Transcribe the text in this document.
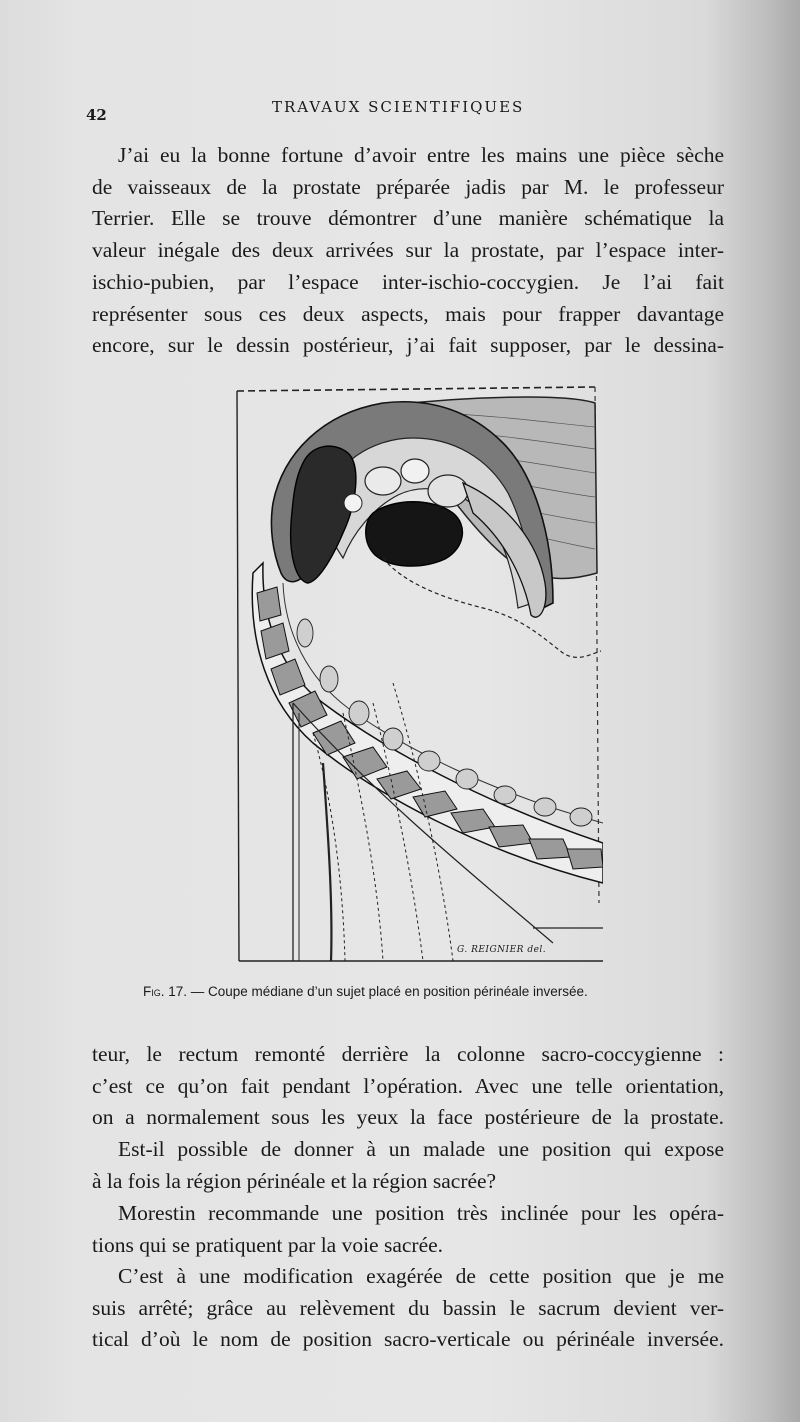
42	TRAVAUX SCIENTIFIQUES
J’ai eu la bonne fortune d’avoir entre les mains une pièce sèche
de vaisseaux de la prostate préparée jadis par M. le professeur
Terrier. Elle se trouve démontrer d’une manière schématique la
valeur inégale des deux arrivées sur la prostate, par l’espace inter-
ischio-pubien, par l’espace inter-ischio-coccygien. Je l’ai fait
représenter sous ces deux aspects, mais pour frapper davantage
encore, sur le dessin postérieur, j’ai fait supposer, par le dessina-
G. REIGNIER del.
Fig. 17. — Coupe médiane d’un sujet placé en position périnéale inversée.
teur, le rectum remonté derrière la colonne sacro-coccygienne :
c’est ce qu’on fait pendant l’opération. Avec une telle orientation,
on a normalement sous les yeux la face postérieure de la prostate.
Est-il possible de donner à un malade une position qui expose
à la fois la région périnéale et la région sacrée?
Morestin recommande une position très inclinée pour les opéra-
tions qui se pratiquent par la voie sacrée.
C’est à une modification exagérée de cette position que je me
suis arrêté; grâce au relèvement du bassin le sacrum devient ver-
tical d’où le nom de position sacro-verticale ou périnéale inversée.
